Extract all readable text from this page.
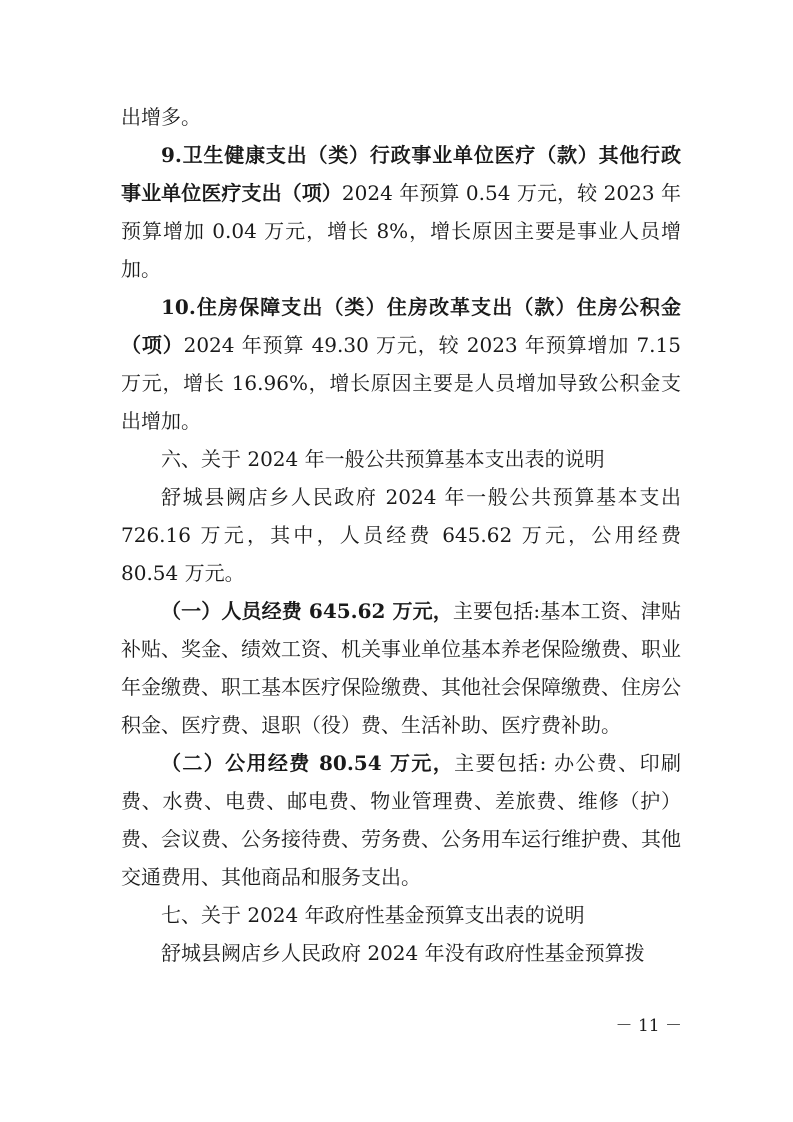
出增多。

9.卫生健康支出（类）行政事业单位医疗（款）其他行政事业单位医疗支出（项）2024 年预算 0.54 万元，较 2023 年预算增加 0.04 万元，增长 8%，增长原因主要是事业人员增加。

10.住房保障支出（类）住房改革支出（款）住房公积金（项）2024 年预算 49.30 万元，较 2023 年预算增加 7.15 万元，增长 16.96%，增长原因主要是人员增加导致公积金支出增加。

六、关于 2024 年一般公共预算基本支出表的说明

舒城县阙店乡人民政府 2024 年一般公共预算基本支出 726.16 万元，其中，人员经费 645.62 万元，公用经费 80.54 万元。

（一）人员经费 645.62 万元，主要包括:基本工资、津贴补贴、奖金、绩效工资、机关事业单位基本养老保险缴费、职业年金缴费、职工基本医疗保险缴费、其他社会保障缴费、住房公积金、医疗费、退职（役）费、生活补助、医疗费补助。

（二）公用经费 80.54 万元，主要包括: 办公费、印刷费、水费、电费、邮电费、物业管理费、差旅费、维修（护）费、会议费、公务接待费、劳务费、公务用车运行维护费、其他交通费用、其他商品和服务支出。

七、关于 2024 年政府性基金预算支出表的说明

舒城县阙店乡人民政府 2024 年没有政府性基金预算拨

－ 11 －
